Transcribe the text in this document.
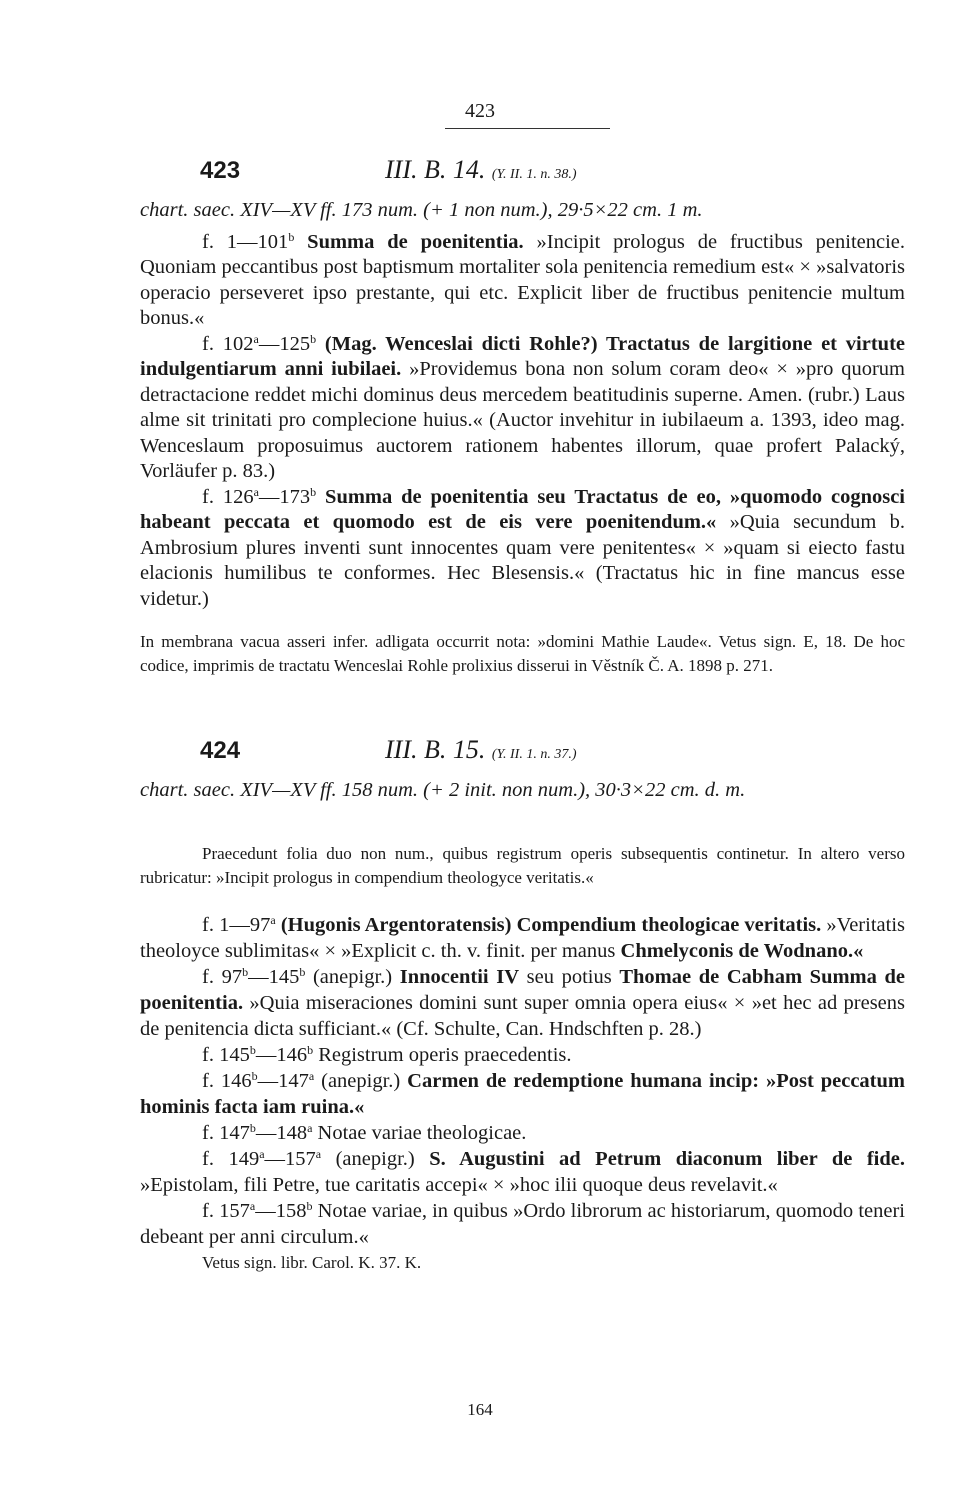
423
423	III. B. 14. (Y. II. 1. n. 38.)

chart. saec. XIV—XV ff. 173 num. (+ 1 non num.), 29·5×22 cm. 1 m.

f. 1—101$^b$ Summa de poenitentia. »Incipit prologus de fructibus penitencie. Quoniam peccantibus post baptismum mortaliter sola penitencia remedium est« × »salvatoris operacio perseveret ipso prestante, qui etc. Explicit liber de fructibus penitencie multum bonus.«

f. 102$^a$—125$^b$ (Mag. Wenceslai dicti Rohle?) Tractatus de largitione et virtute indulgentiarum anni iubilaei. »Providemus bona non solum coram deo« × »pro quorum detractacione reddet michi dominus deus mercedem beatitudinis superne. Amen. (rubr.) Laus alme sit trinitati pro complecione huius.« (Auctor invehitur in iubilaeum a. 1393, ideo mag. Wenceslaum proposuimus auctorem rationem habentes illorum, quae profert Palacký, Vorläufer p. 83.)

f. 126$^a$—173$^b$ Summa de poenitentia seu Tractatus de eo, »quomodo cognosci habeant peccata et quomodo est de eis vere poenitendum.« »Quia secundum b. Ambrosium plures inventi sunt innocentes quam vere penitentes« × »quam si eiecto fastu elacionis humilibus te conformes. Hec Blesensis.« (Tractatus hic in fine mancus esse videtur.)

In membrana vacua asseri infer. adligata occurrit nota: »domini Mathie Laude«. Vetus sign. E, 18. De hoc codice, imprimis de tractatu Wenceslai Rohle prolixius disserui in Věstník Č. A. 1898 p. 271.

424	III. B. 15. (Y. II. 1. n. 37.)

chart. saec. XIV—XV ff. 158 num. (+ 2 init. non num.), 30·3×22 cm. d. m.

Praecedunt folia duo non num., quibus registrum operis subsequentis continetur. In altero verso rubricatur: »Incipit prologus in compendium theologyce veritatis.«

f. 1—97$^a$ (Hugonis Argentoratensis) Compendium theologicae veritatis. »Veritatis theoloyce sublimitas« × »Explicit c. th. v. finit. per manus Chmelyconis de Wodnano.«

f. 97$^b$—145$^b$ (anepigr.) Innocentii IV seu potius Thomae de Cabham Summa de poenitentia. »Quia miseraciones domini sunt super omnia opera eius« × »et hec ad presens de penitencia dicta sufficiant.« (Cf. Schulte, Can. Hndschften p. 28.)

f. 145$^b$—146$^b$ Registrum operis praecedentis.

f. 146$^b$—147$^a$ (anepigr.) Carmen de redemptione humana incip: »Post peccatum hominis facta iam ruina.«

f. 147$^b$—148$^a$ Notae variae theologicae.

f. 149$^a$—157$^a$ (anepigr.) S. Augustini ad Petrum diaconum liber de fide. »Epistolam, fili Petre, tue caritatis accepi« × »hoc ilii quoque deus revelavit.«

f. 157$^a$—158$^b$ Notae variae, in quibus »Ordo librorum ac historiarum, quomodo teneri debeant per anni circulum.«

Vetus sign. libr. Carol. K. 37. K.

164
